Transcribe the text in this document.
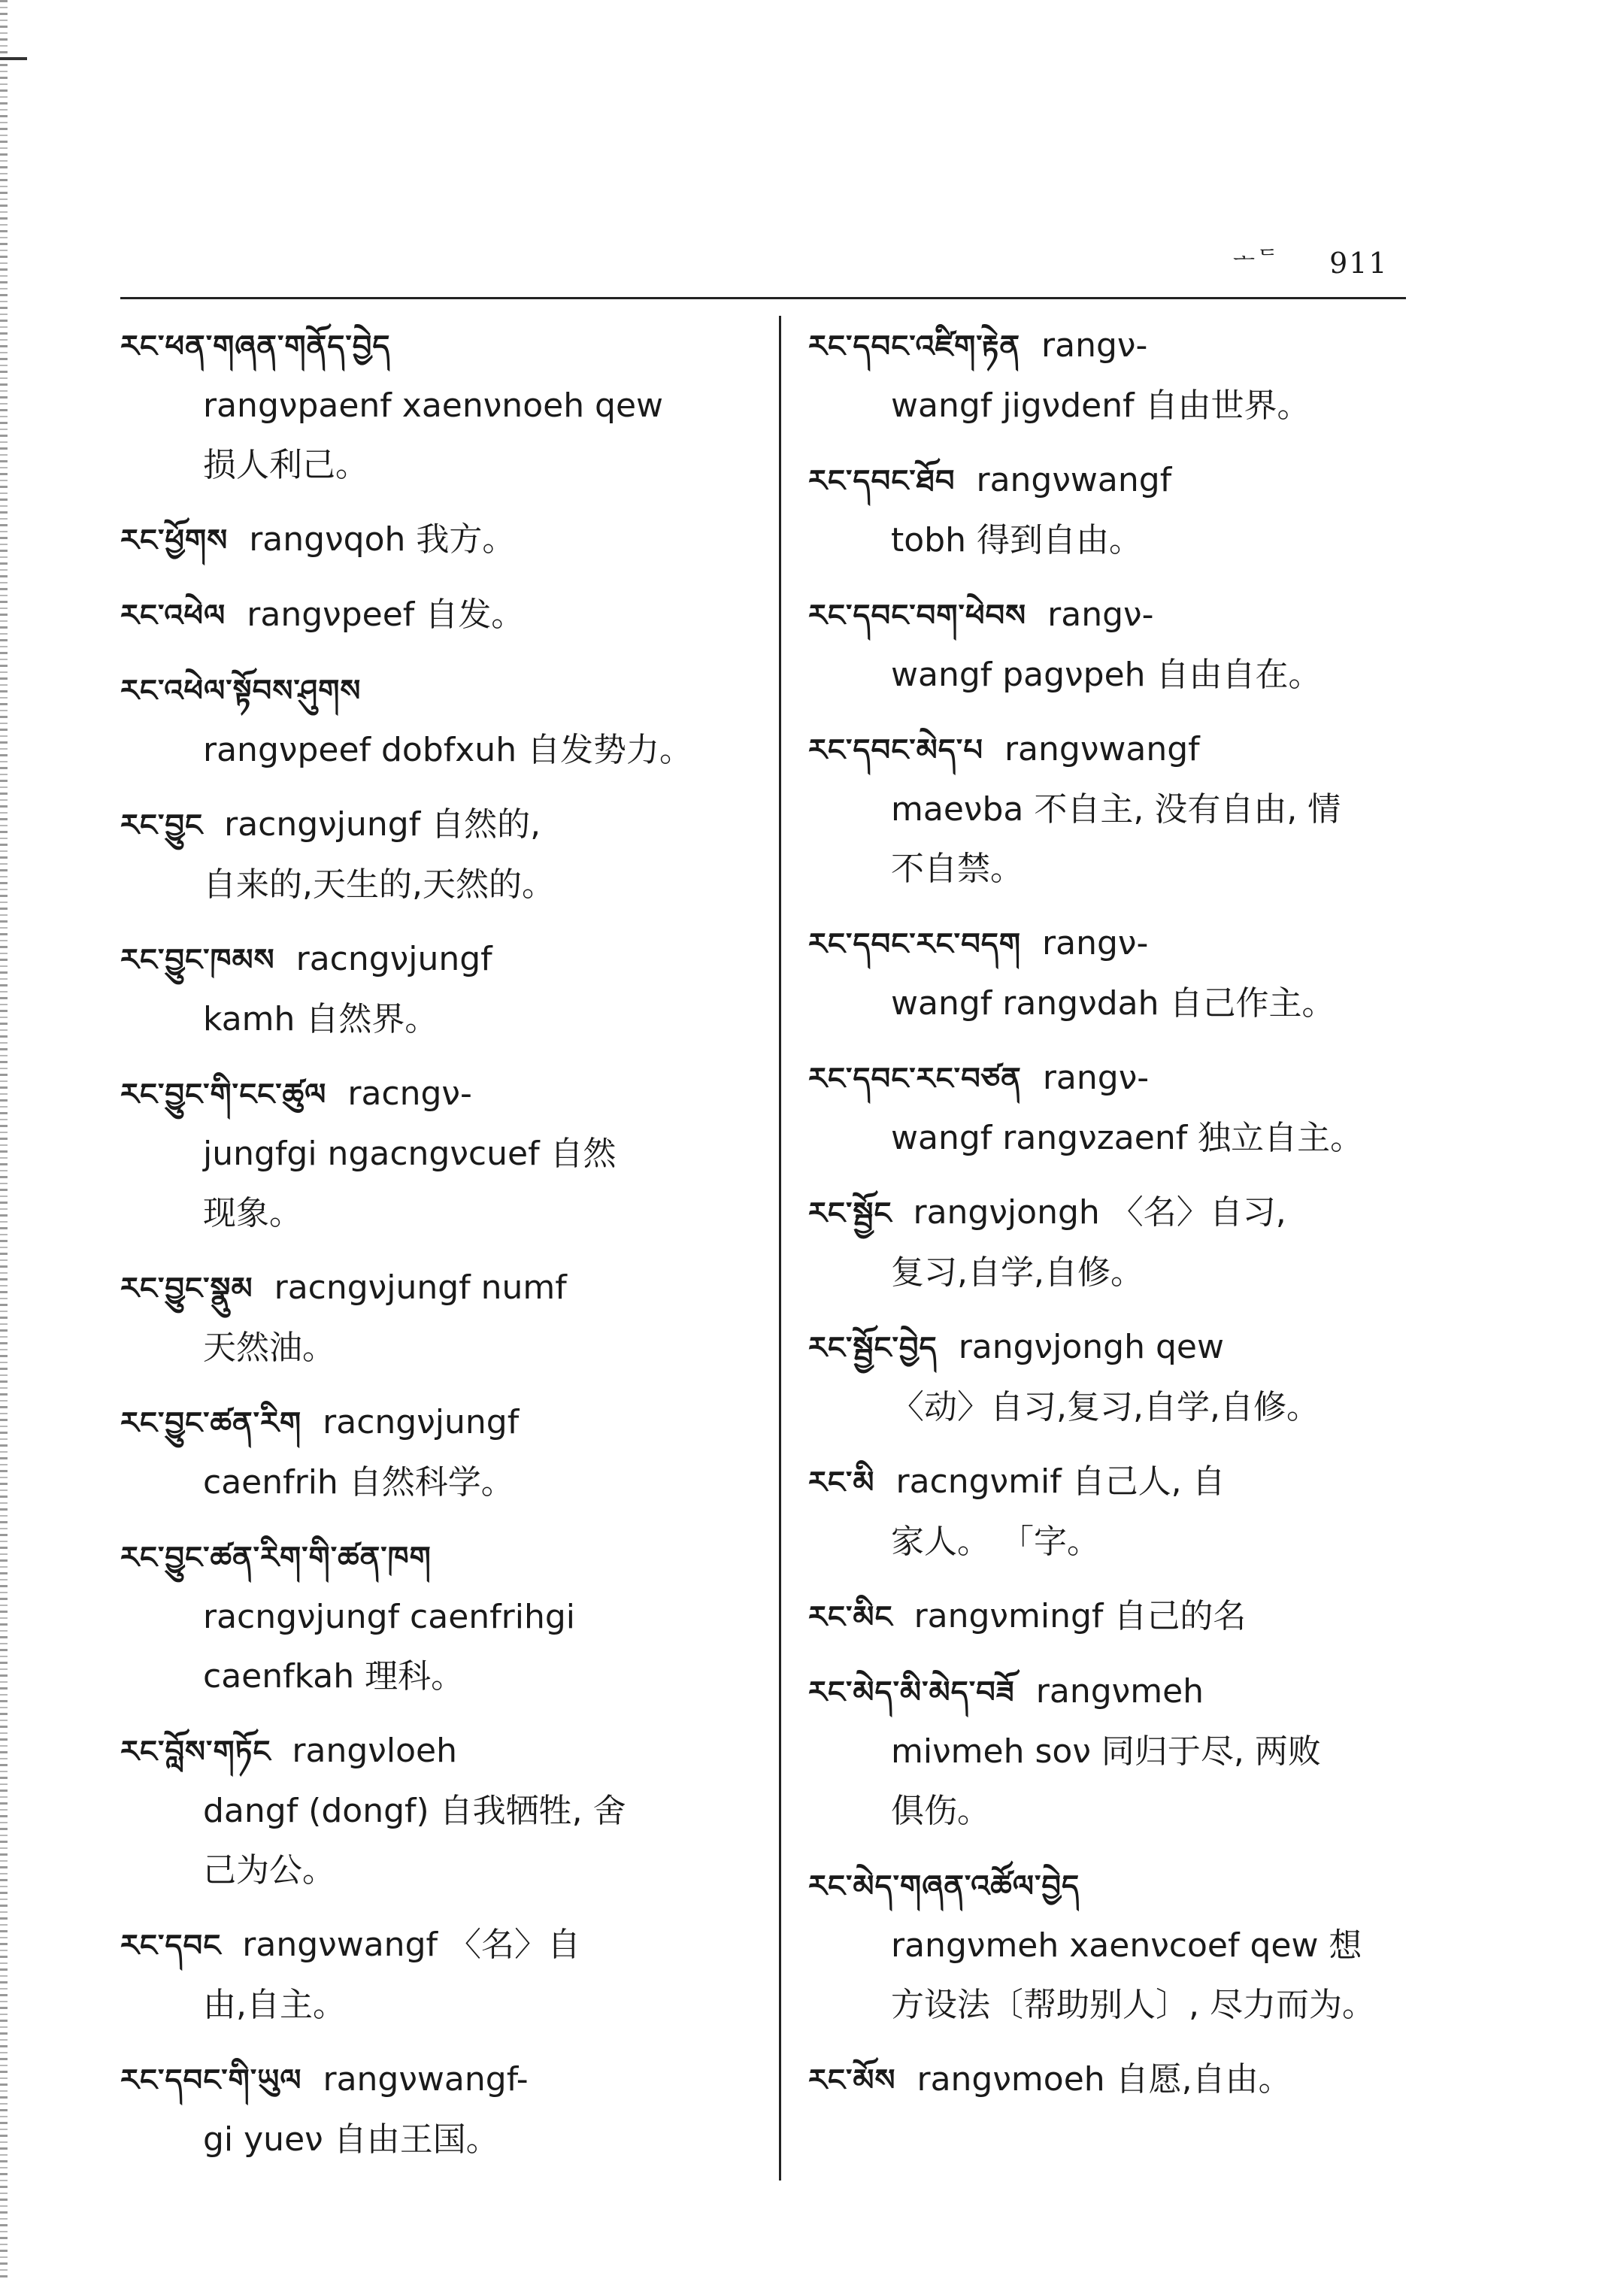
$^{ᅩᄃ}$ 911
རང་ཕན་གཞན་གནོད་བྱེད
rangνpaenf xaenνnoeh qew
损人利己。
རང་ཕྱོགས rangνqoh 我方。
རང་འཕེལ rangνpeef 自发。
རང་འཕེལ་སྟོབས་ཤུགས
rangνpeef dobfxuh 自发势力。
རང་བྱུང racngνjungf 自然的,
自来的,天生的,天然的。
རང་བྱུང་ཁམས racngνjungf
kamh 自然界。
རང་བྱུང་གི་ངང་ཚུལ racngν-
jungfgi ngacngνcuef 自然
现象。
རང་བྱུང་སྣུམ racngνjungf numf
天然油。
རང་བྱུང་ཚན་རིག racngνjungf
caenfrih 自然科学。
རང་བྱུང་ཚན་རིག་གི་ཚན་ཁག
racngνjungf caenfrihgi
caenfkah 理科。
རང་བློས་གཏོང rangνloeh
dangf (dongf) 自我牺牲, 舍
己为公。
རང་དབང rangνwangf 〈名〉自
由,自主。
རང་དབང་གི་ཡུལ rangνwangf-
gi yueν 自由王国。
རང་དབང་འཛིག་རྟེན rangν-
wangf jigνdenf 自由世界。
རང་དབང་ཐོབ rangνwangf
tobh 得到自由。
རང་དབང་བག་ཕེབས rangν-
wangf pagνpeh 自由自在。
རང་དབང་མེད་པ rangνwangf
maeνba 不自主, 没有自由, 情
不自禁。
རང་དབང་རང་བདག rangν-
wangf rangνdah 自己作主。
རང་དབང་རང་བཙན rangν-
wangf rangνzaenf 独立自主。
རང་སྦྱོང rangνjongh 〈名〉自习,
复习,自学,自修。
རང་སྦྱོང་བྱེད rangνjongh qew
〈动〉自习,复习,自学,自修。
རང་མི racngνmif 自己人, 自
家人。 「字。
རང་མིང rangνmingf 自己的名
རང་མེད་མི་མེད་བཟོ rangνmeh
miνmeh soν 同归于尽, 两败
俱伤。
རང་མེད་གཞན་འཚོལ་བྱེད
rangνmeh xaenνcoef qew 想
方设法〔帮助别人〕, 尽力而为。
རང་མོས rangνmoeh 自愿,自由。
